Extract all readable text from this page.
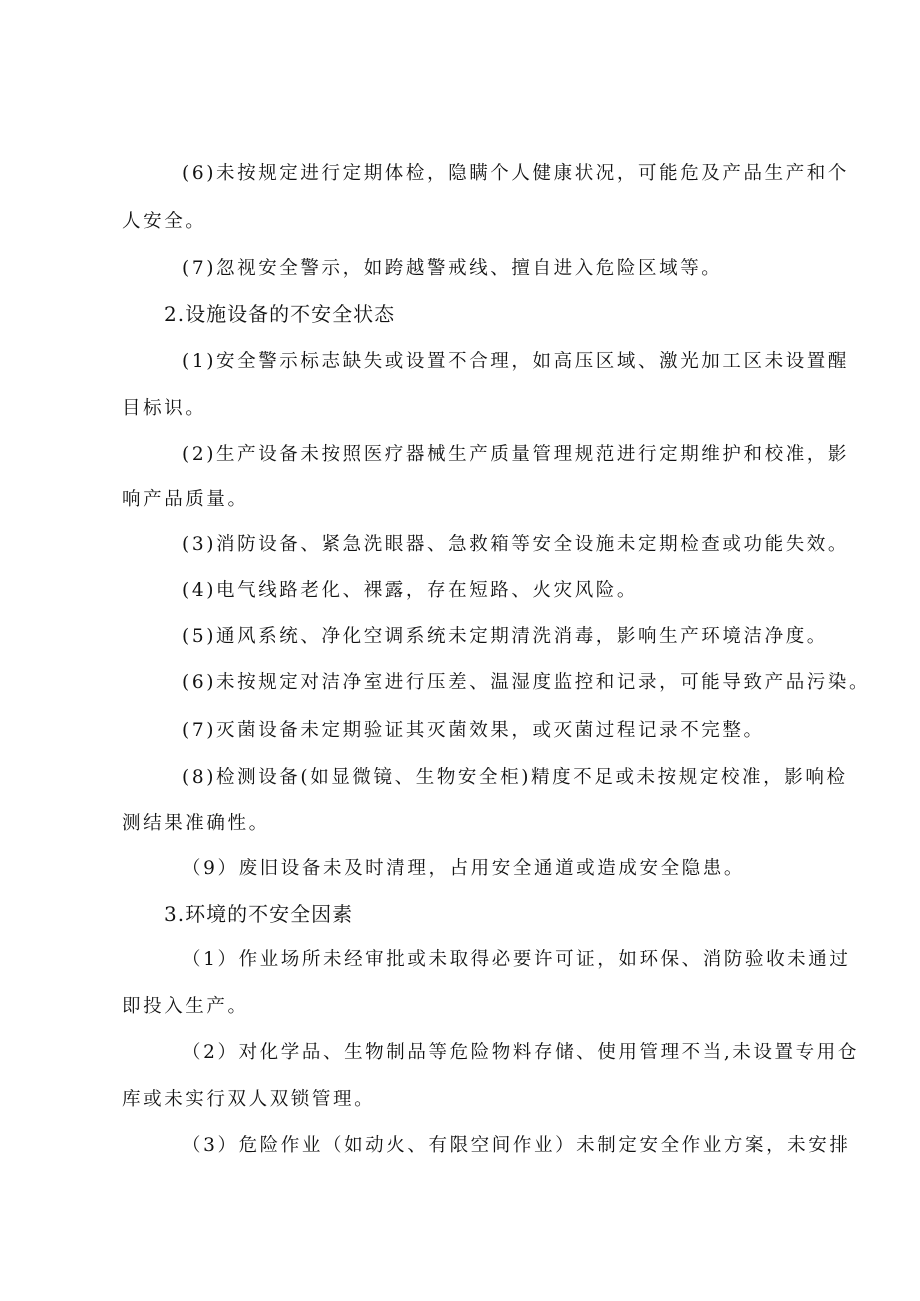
(6)未按规定进行定期体检，隐瞒个人健康状况，可能危及产品生产和个
人安全。
(7)忽视安全警示，如跨越警戒线、擅自进入危险区域等。
2.设施设备的不安全状态
(1)安全警示标志缺失或设置不合理，如高压区域、激光加工区未设置醒
目标识。
(2)生产设备未按照医疗器械生产质量管理规范进行定期维护和校准，影
响产品质量。
(3)消防设备、紧急洗眼器、急救箱等安全设施未定期检查或功能失效。
(4)电气线路老化、裸露，存在短路、火灾风险。
(5)通风系统、净化空调系统未定期清洗消毒，影响生产环境洁净度。
(6)未按规定对洁净室进行压差、温湿度监控和记录，可能导致产品污染。
(7)灭菌设备未定期验证其灭菌效果，或灭菌过程记录不完整。
(8)检测设备(如显微镜、生物安全柜)精度不足或未按规定校准，影响检
测结果准确性。
（9）废旧设备未及时清理，占用安全通道或造成安全隐患。
3.环境的不安全因素
（1）作业场所未经审批或未取得必要许可证，如环保、消防验收未通过
即投入生产。
（2）对化学品、生物制品等危险物料存储、使用管理不当,未设置专用仓
库或未实行双人双锁管理。
（3）危险作业（如动火、有限空间作业）未制定安全作业方案，未安排
